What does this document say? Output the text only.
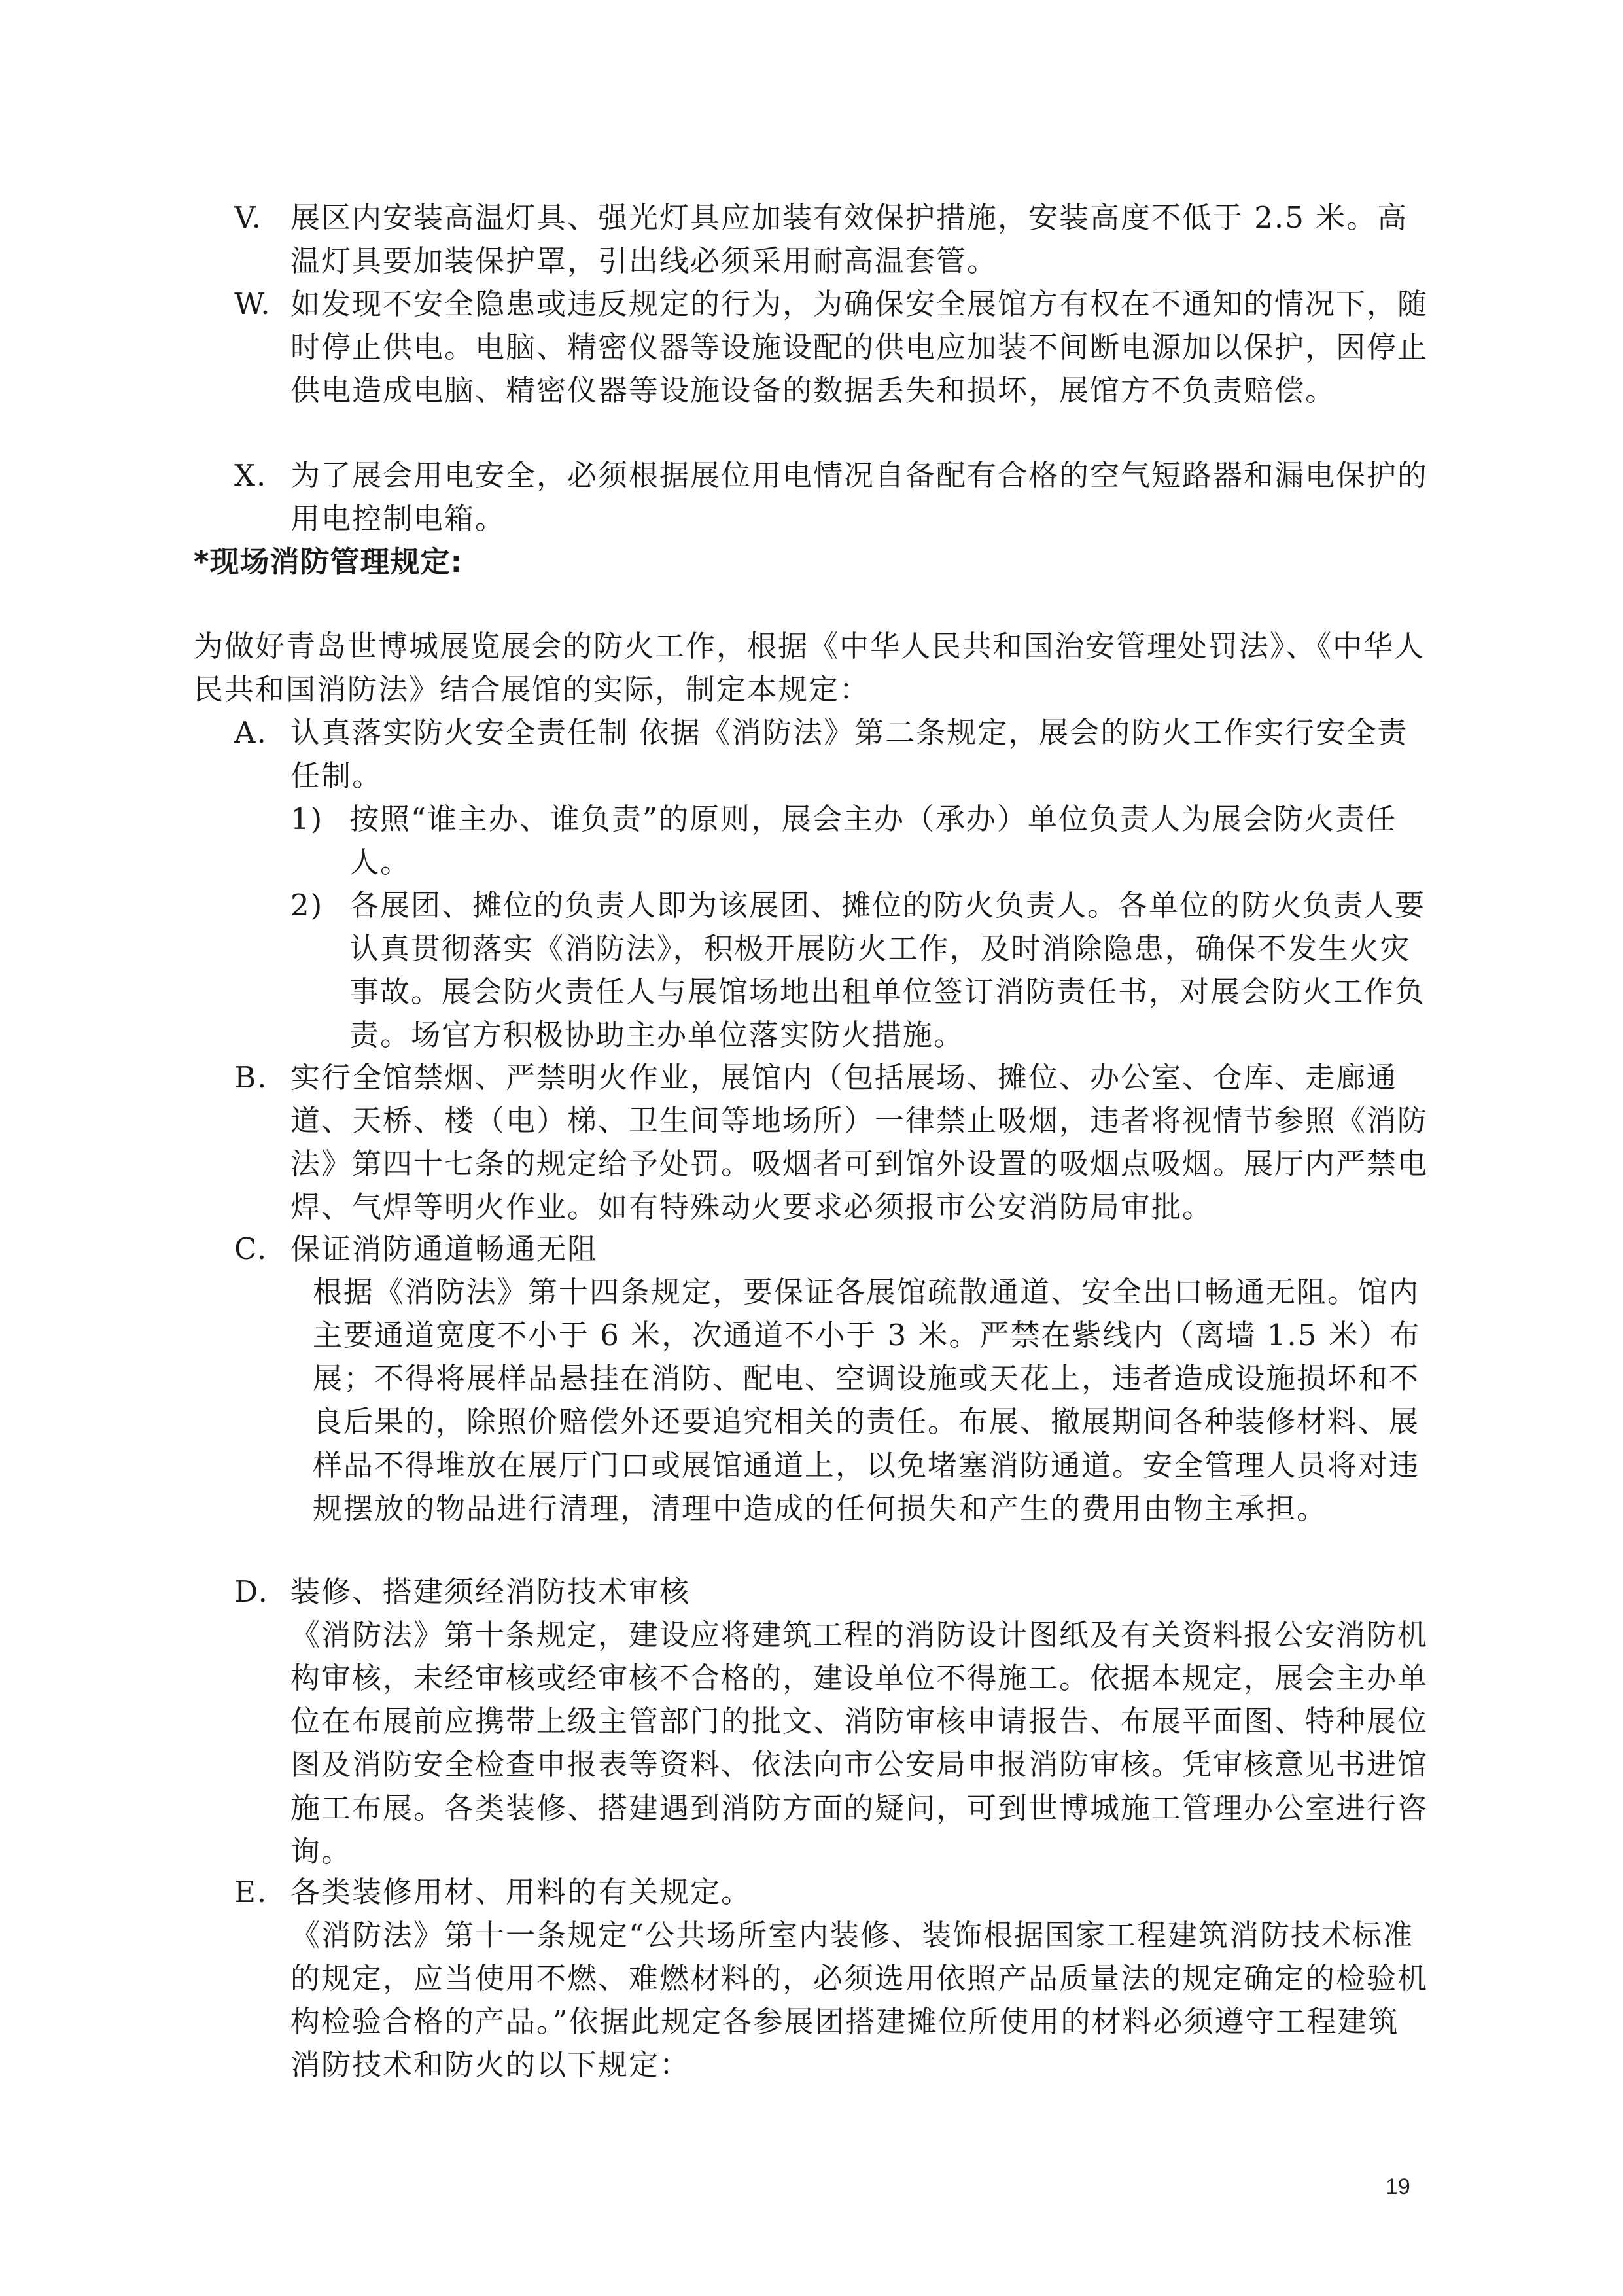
V. 展区内安装高温灯具、强光灯具应加装有效保护措施，安装高度不低于 2.5 米。高温灯具要加装保护罩，引出线必须采用耐高温套管。
W. 如发现不安全隐患或违反规定的行为，为确保安全展馆方有权在不通知的情况下，随时停止供电。电脑、精密仪器等设施设配的供电应加装不间断电源加以保护，因停止供电造成电脑、精密仪器等设施设备的数据丢失和损坏，展馆方不负责赔偿。
X. 为了展会用电安全，必须根据展位用电情况自备配有合格的空气短路器和漏电保护的用电控制电箱。
*现场消防管理规定:
为做好青岛世博城展览展会的防火工作，根据《中华人民共和国治安管理处罚法》、《中华人民共和国消防法》结合展馆的实际，制定本规定：
A. 认真落实防火安全责任制 依据《消防法》第二条规定，展会的防火工作实行安全责任制。
1) 按照“谁主办、谁负责”的原则，展会主办（承办）单位负责人为展会防火责任人。
2) 各展团、摊位的负责人即为该展团、摊位的防火负责人。各单位的防火负责人要认真贯彻落实《消防法》，积极开展防火工作，及时消除隐患，确保不发生火灾事故。展会防火责任人与展馆场地出租单位签订消防责任书，对展会防火工作负责。场官方积极协助主办单位落实防火措施。
B. 实行全馆禁烟、严禁明火作业，展馆内（包括展场、摊位、办公室、仓库、走廊通道、天桥、楼（电）梯、卫生间等地场所）一律禁止吸烟，违者将视情节参照《消防法》第四十七条的规定给予处罚。吸烟者可到馆外设置的吸烟点吸烟。展厅内严禁电焊、气焊等明火作业。如有特殊动火要求必须报市公安消防局审批。
C. 保证消防通道畅通无阻
根据《消防法》第十四条规定，要保证各展馆疏散通道、安全出口畅通无阻。馆内主要通道宽度不小于 6 米，次通道不小于 3 米。严禁在紫线内（离墙 1.5 米）布展；不得将展样品悬挂在消防、配电、空调设施或天花上，违者造成设施损坏和不良后果的，除照价赔偿外还要追究相关的责任。布展、撤展期间各种装修材料、展样品不得堆放在展厅门口或展馆通道上，以免堵塞消防通道。安全管理人员将对违规摆放的物品进行清理，清理中造成的任何损失和产生的费用由物主承担。
D. 装修、搭建须经消防技术审核
《消防法》第十条规定，建设应将建筑工程的消防设计图纸及有关资料报公安消防机构审核，未经审核或经审核不合格的，建设单位不得施工。依据本规定，展会主办单位在布展前应携带上级主管部门的批文、消防审核申请报告、布展平面图、特种展位图及消防安全检查申报表等资料、依法向市公安局申报消防审核。凭审核意见书进馆施工布展。各类装修、搭建遇到消防方面的疑问，可到世博城施工管理办公室进行咨询。
E. 各类装修用材、用料的有关规定。
《消防法》第十一条规定“公共场所室内装修、装饰根据国家工程建筑消防技术标准的规定，应当使用不燃、难燃材料的，必须选用依照产品质量法的规定确定的检验机构检验合格的产品。”依据此规定各参展团搭建摊位所使用的材料必须遵守工程建筑消防技术和防火的以下规定：
19
